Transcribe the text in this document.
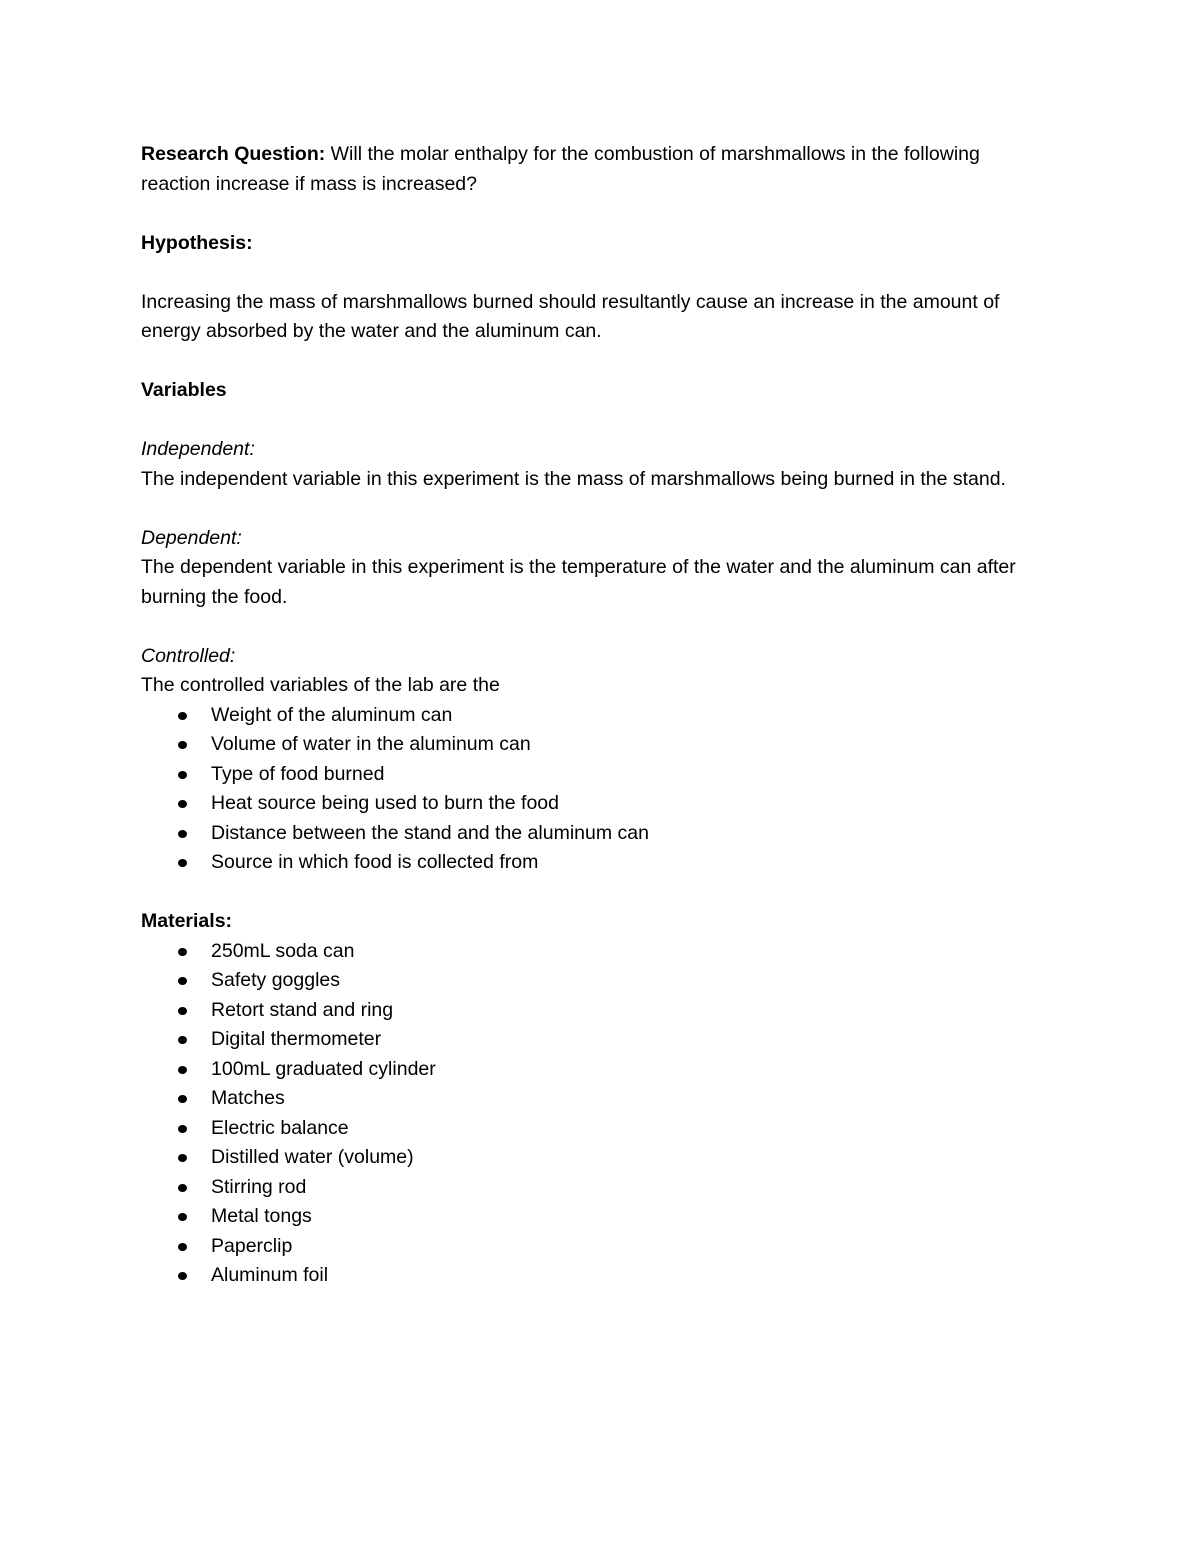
Research Question: Will the molar enthalpy for the combustion of marshmallows in the following reaction increase if mass is increased?

Hypothesis:

Increasing the mass of marshmallows burned should resultantly cause an increase in the amount of energy absorbed by the water and the aluminum can.

Variables

Independent:

The independent variable in this experiment is the mass of marshmallows being burned in the stand.

Dependent:

The dependent variable in this experiment is the temperature of the water and the aluminum can after burning the food.

Controlled:

The controlled variables of the lab are the

Weight of the aluminum can
Volume of water in the aluminum can
Type of food burned
Heat source being used to burn the food
Distance between the stand and the aluminum can
Source in which food is collected from

Materials:

250mL soda can
Safety goggles
Retort stand and ring
Digital thermometer
100mL graduated cylinder
Matches
Electric balance
Distilled water (volume)
Stirring rod
Metal tongs
Paperclip
Aluminum foil
